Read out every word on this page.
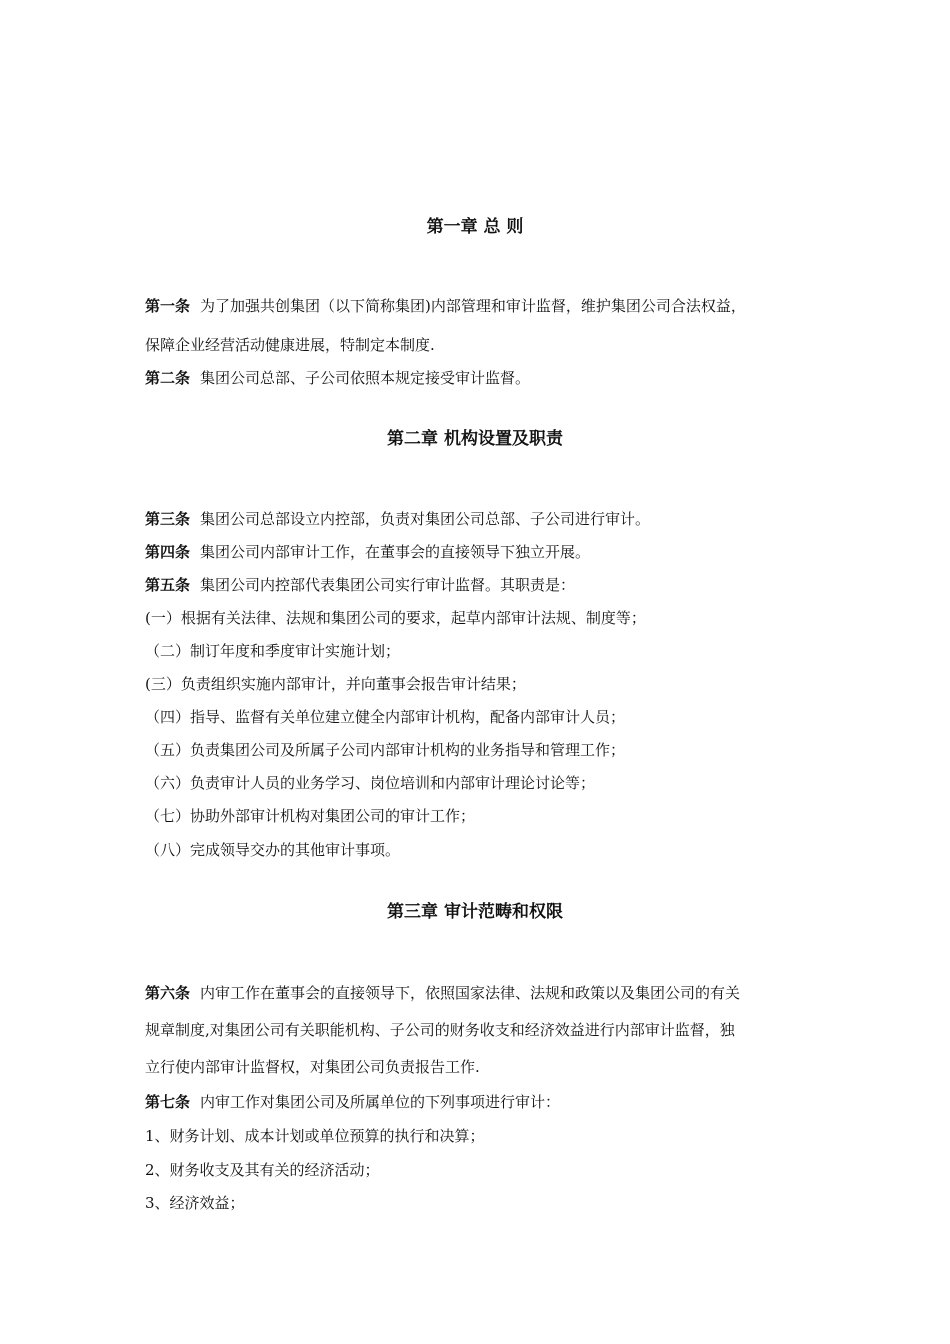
第一章 总 则
第一条 为了加强共创集团（以下简称集团)内部管理和审计监督，维护集团公司合法权益，
保障企业经营活动健康进展，特制定本制度.
第二条 集团公司总部、子公司依照本规定接受审计监督。
第二章 机构设置及职责
第三条 集团公司总部设立内控部，负责对集团公司总部、子公司进行审计。
第四条 集团公司内部审计工作，在董事会的直接领导下独立开展。
第五条 集团公司内控部代表集团公司实行审计监督。其职责是：
(一）根据有关法律、法规和集团公司的要求，起草内部审计法规、制度等；
（二）制订年度和季度审计实施计划；
(三）负责组织实施内部审计，并向董事会报告审计结果；
（四）指导、监督有关单位建立健全内部审计机构，配备内部审计人员；
（五）负责集团公司及所属子公司内部审计机构的业务指导和管理工作；
（六）负责审计人员的业务学习、岗位培训和内部审计理论讨论等；
（七）协助外部审计机构对集团公司的审计工作；
（八）完成领导交办的其他审计事项。
第三章 审计范畴和权限
第六条 内审工作在董事会的直接领导下，依照国家法律、法规和政策以及集团公司的有关
规章制度,对集团公司有关职能机构、子公司的财务收支和经济效益进行内部审计监督，独
立行使内部审计监督权，对集团公司负责报告工作.
第七条 内审工作对集团公司及所属单位的下列事项进行审计：
1、财务计划、成本计划或单位预算的执行和决算；
2、财务收支及其有关的经济活动；
3、经济效益；
